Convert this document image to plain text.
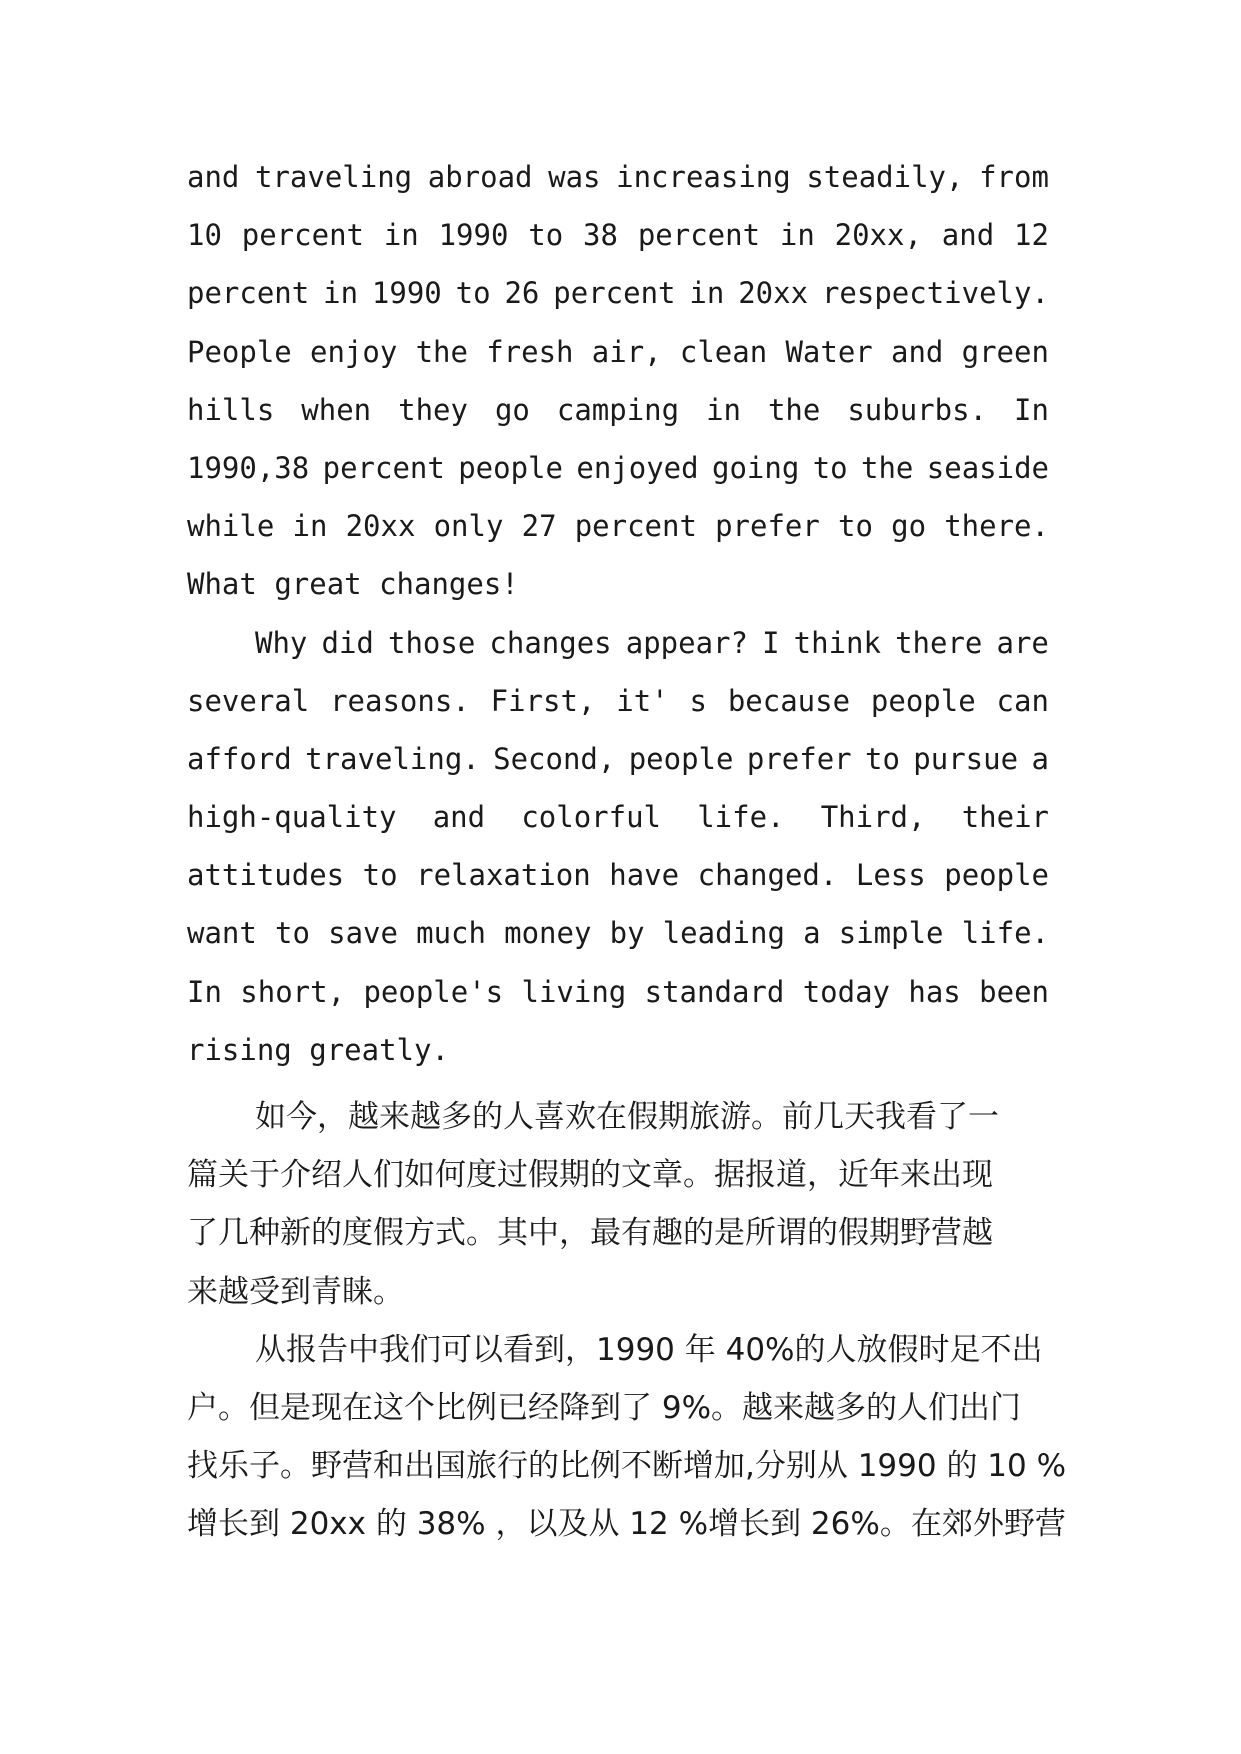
and traveling abroad was increasing steadily, from
10 percent in 1990 to 38 percent in 20xx, and 12
percent in 1990 to 26 percent in 20xx respectively.
People enjoy the fresh air, clean Water and green
hills when they go camping in the suburbs. In
1990,38 percent people enjoyed going to the seaside
while in 20xx only 27 percent prefer to go there.
What
great
changes!
Why did those changes appear? I think there are
several reasons. First, it' s because people can
afford traveling. Second, people prefer to pursue a
high-quality and colorful life. Third, their
attitudes to relaxation have changed. Less people
want to save much money by leading a simple life.
In short, people's living standard today has been
rising
greatly.
如今，越来越多的人喜欢在假期旅游。前几天我看了一
篇关于介绍人们如何度过假期的文章。据报道，近年来出现
了几种新的度假方式。其中，最有趣的是所谓的假期野营越
来越受到青睐。
从报告中我们可以看到，1990 年 40%的人放假时足不出
户。但是现在这个比例已经降到了 9%。越来越多的人们出门
找乐子。野营和出国旅行的比例不断增加,分别从 1990 的 10 %
增长到 20xx 的 38% ，以及从 12 %增长到 26%。在郊外野营
